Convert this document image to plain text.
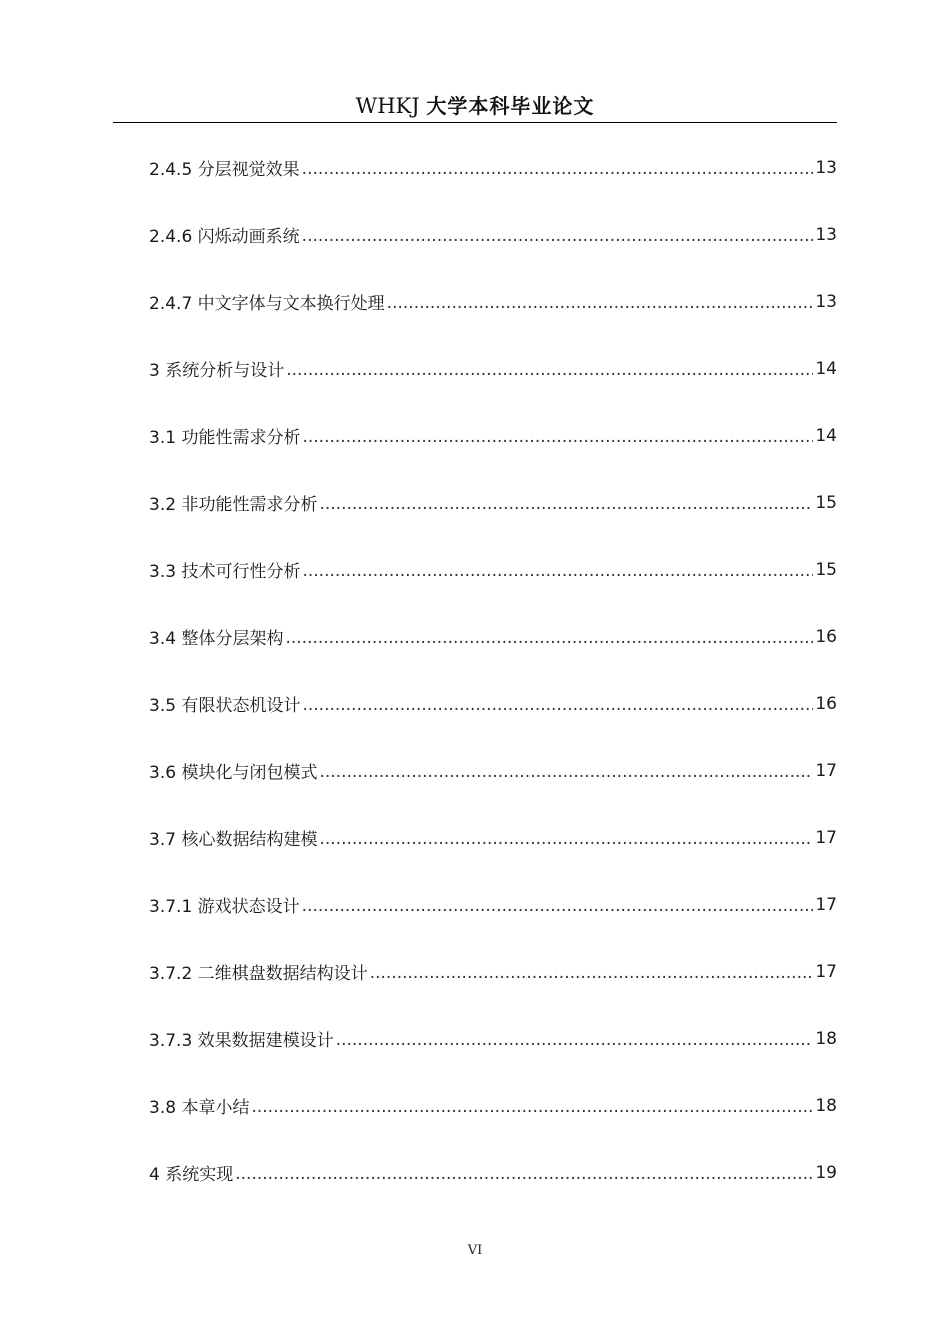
WHKJ 大学本科毕业论文
2.4.5 分层视觉效果 .....	13
2.4.6 闪烁动画系统 .....	13
2.4.7 中文字体与文本换行处理 .....	13
3 系统分析与设计 .....	14
3.1 功能性需求分析 .....	14
3.2 非功能性需求分析 .....	15
3.3 技术可行性分析 .....	15
3.4 整体分层架构 .....	16
3.5 有限状态机设计 .....	16
3.6 模块化与闭包模式 .....	17
3.7 核心数据结构建模 .....	17
3.7.1 游戏状态设计 .....	17
3.7.2 二维棋盘数据结构设计 .....	17
3.7.3 效果数据建模设计 .....	18
3.8 本章小结 .....	18
4 系统实现 .....	19
VI
